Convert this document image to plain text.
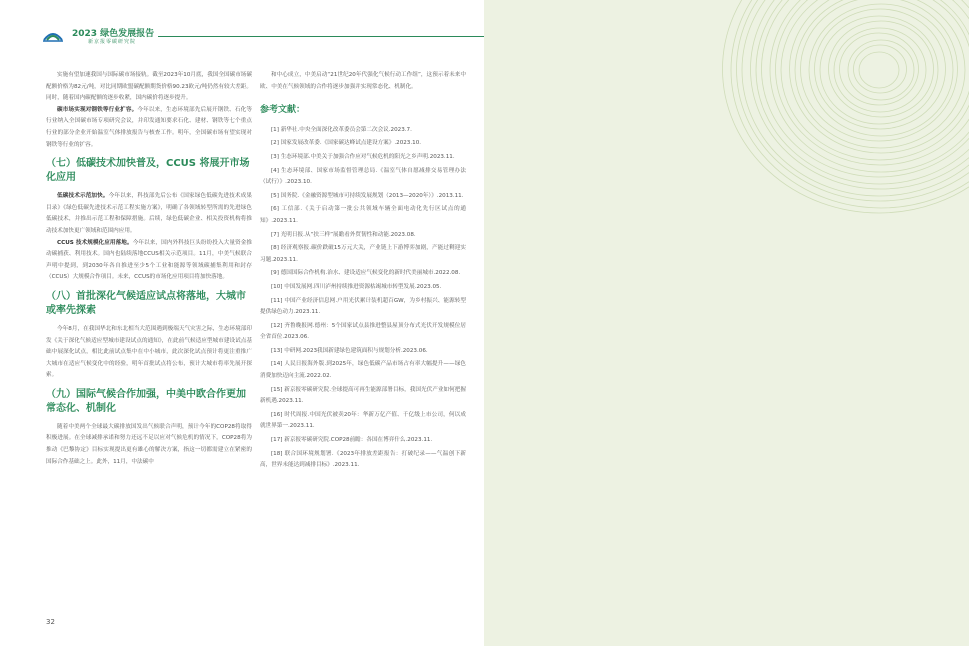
2023 绿色发展报告
新京报零碳研究院

实施有望加速我国与国际碳市场接轨。截至2023年10月底，我国全国碳市场碳配额价格为82元/吨，对比同期欧盟碳配额期货价格90.23欧元/吨仍然有较大差距。同时，随着国内碳配额的逐步收紧，国内碳价将逐步提升。

碳市场实现对钢铁等行业扩容。今年以来，生态环境部先后展开钢铁、石化等行业纳入全国碳市场专项研究会议，并印发通知要求石化、建材、钢铁等七个重点行业的部分企业开始温室气体排放报告与核查工作。明年，全国碳市场有望实现对钢铁等行业的扩容。

（七）低碳技术加快普及，CCUS 将展开市场化应用

低碳技术示范加快。今年以来，科技部先后公布《国家绿色低碳先进技术成果目录》《绿色低碳先进技术示范工程实施方案》，明确了各领域转型所需的先进绿色低碳技术，并推出示范工程和保障措施。后续，绿色低碳企业、相关投资机构将推动技术加快更广领域和范围内应用。

CCUS 技术规模化应用落地。今年以来，国内外科技巨头纷纷投入大量资金推动碳捕获、利用技术。国内也陆续落地CCUS相关示范项目。11月，中美气候联合声明中提到，到2030年各自推进至少5个工业和能源等领域碳捕集利用和封存（CCUS）大规模合作项目。未来，CCUS的市场化应用项目将加快落地。

（八）首批深化气候适应试点将落地，大城市或率先探索

今年8月，在我国华北和东北相当大范围遇到极端天气灾害之际，生态环境部印发《关于深化气候适应型城市建设试点的通知》，在此前气候适应型城市建设试点基础中展深化试点，相比此前试点集中在中小城市，此次深化试点预计将更注重推广大城市在适应气候变化中的经验，明年首批试点将公布，预计大城市将率先展开探索。

（九）国际气候合作加强，中美中欧合作更加常态化、机制化

随着中美两个全球最大碳排放国发出气候联合声明，预计今年的COP28将取得积极进展。在全球减排承诺和努力还远不足以应对气候危机的情况下，COP28将为推动《巴黎协定》目标实现提出更有雄心的解决方案，指这一切都需建立在紧密的国际合作基础之上。此外，11月，中法碳中

和中心成立，中美启动“21世纪20年代强化气候行动工作组”，这预示着未来中欧、中美在气候领域的合作将逐步加强并实现常态化、机制化。

参考文献：

[1] 新华社.中央全面深化改革委员会第二次会议.2023.7.

[2] 国家发展改革委.《国家碳达峰试点建设方案》.2023.10.

[3] 生态环境部.中美关于加强合作应对气候危机的阳光之乡声明.2023.11.

[4] 生态环境部、国家市场监督管理总局.《温室气体自愿减排交易管理办法（试行）》.2023.10.

[5] 国务院.《金融资源型城市可持续发展规划（2013—2020年）》.2013.11.

[6] 工信部.《关于启动第一批公共领域车辆全面电动化先行区试点的通知》.2023.11.

[7] 光明日报.从“扶三样”展瞻看外贸韧性和动能.2023.08.

[8] 经济观察报.碳价跌破15万元大关，产业链上下游博弈加剧，产能过剩迎实习题.2023.11.

[9] 德国国际合作机构.治水、建设适应气候变化的新时代美丽城市.2022.08.

[10] 中国发展网.四川泸州持续推进资源枯竭城市转型发展.2023.05.

[11] 中国产业经济信息网.户用光伏累计装机超百GW，为乡村振兴、能源转型提供绿色动力.2023.11.

[12] 齐鲁晚报网.德州：5个国家试点县推进整县屋顶分布式光伏开发规模位居全省首位.2023.06.

[13] 中研网.2023我国新建绿色建筑面积与规划分析.2023.06.

[14] 人民日报海外版.到2025年，绿色低碳产品市场占有率大幅提升——绿色消费加快迈向主流.2022.02.

[15] 新京报零碳研究院.全球提高可再生能源部署目标，我国光伏产业如何把握新机遇.2023.11.

[16] 时代周报.中国光伏被卖20年：华新万亿产值、千亿级上市公司，何以成就世界第一.2023.11.

[17] 新京报零碳研究院.COP28前瞻：各国在博弈什么.2023.11.

[18] 联合国环境规划署.《2023年排放差距报告：打破纪录——气温创下新高，世界未能达到减排目标》.2023.11.

32
